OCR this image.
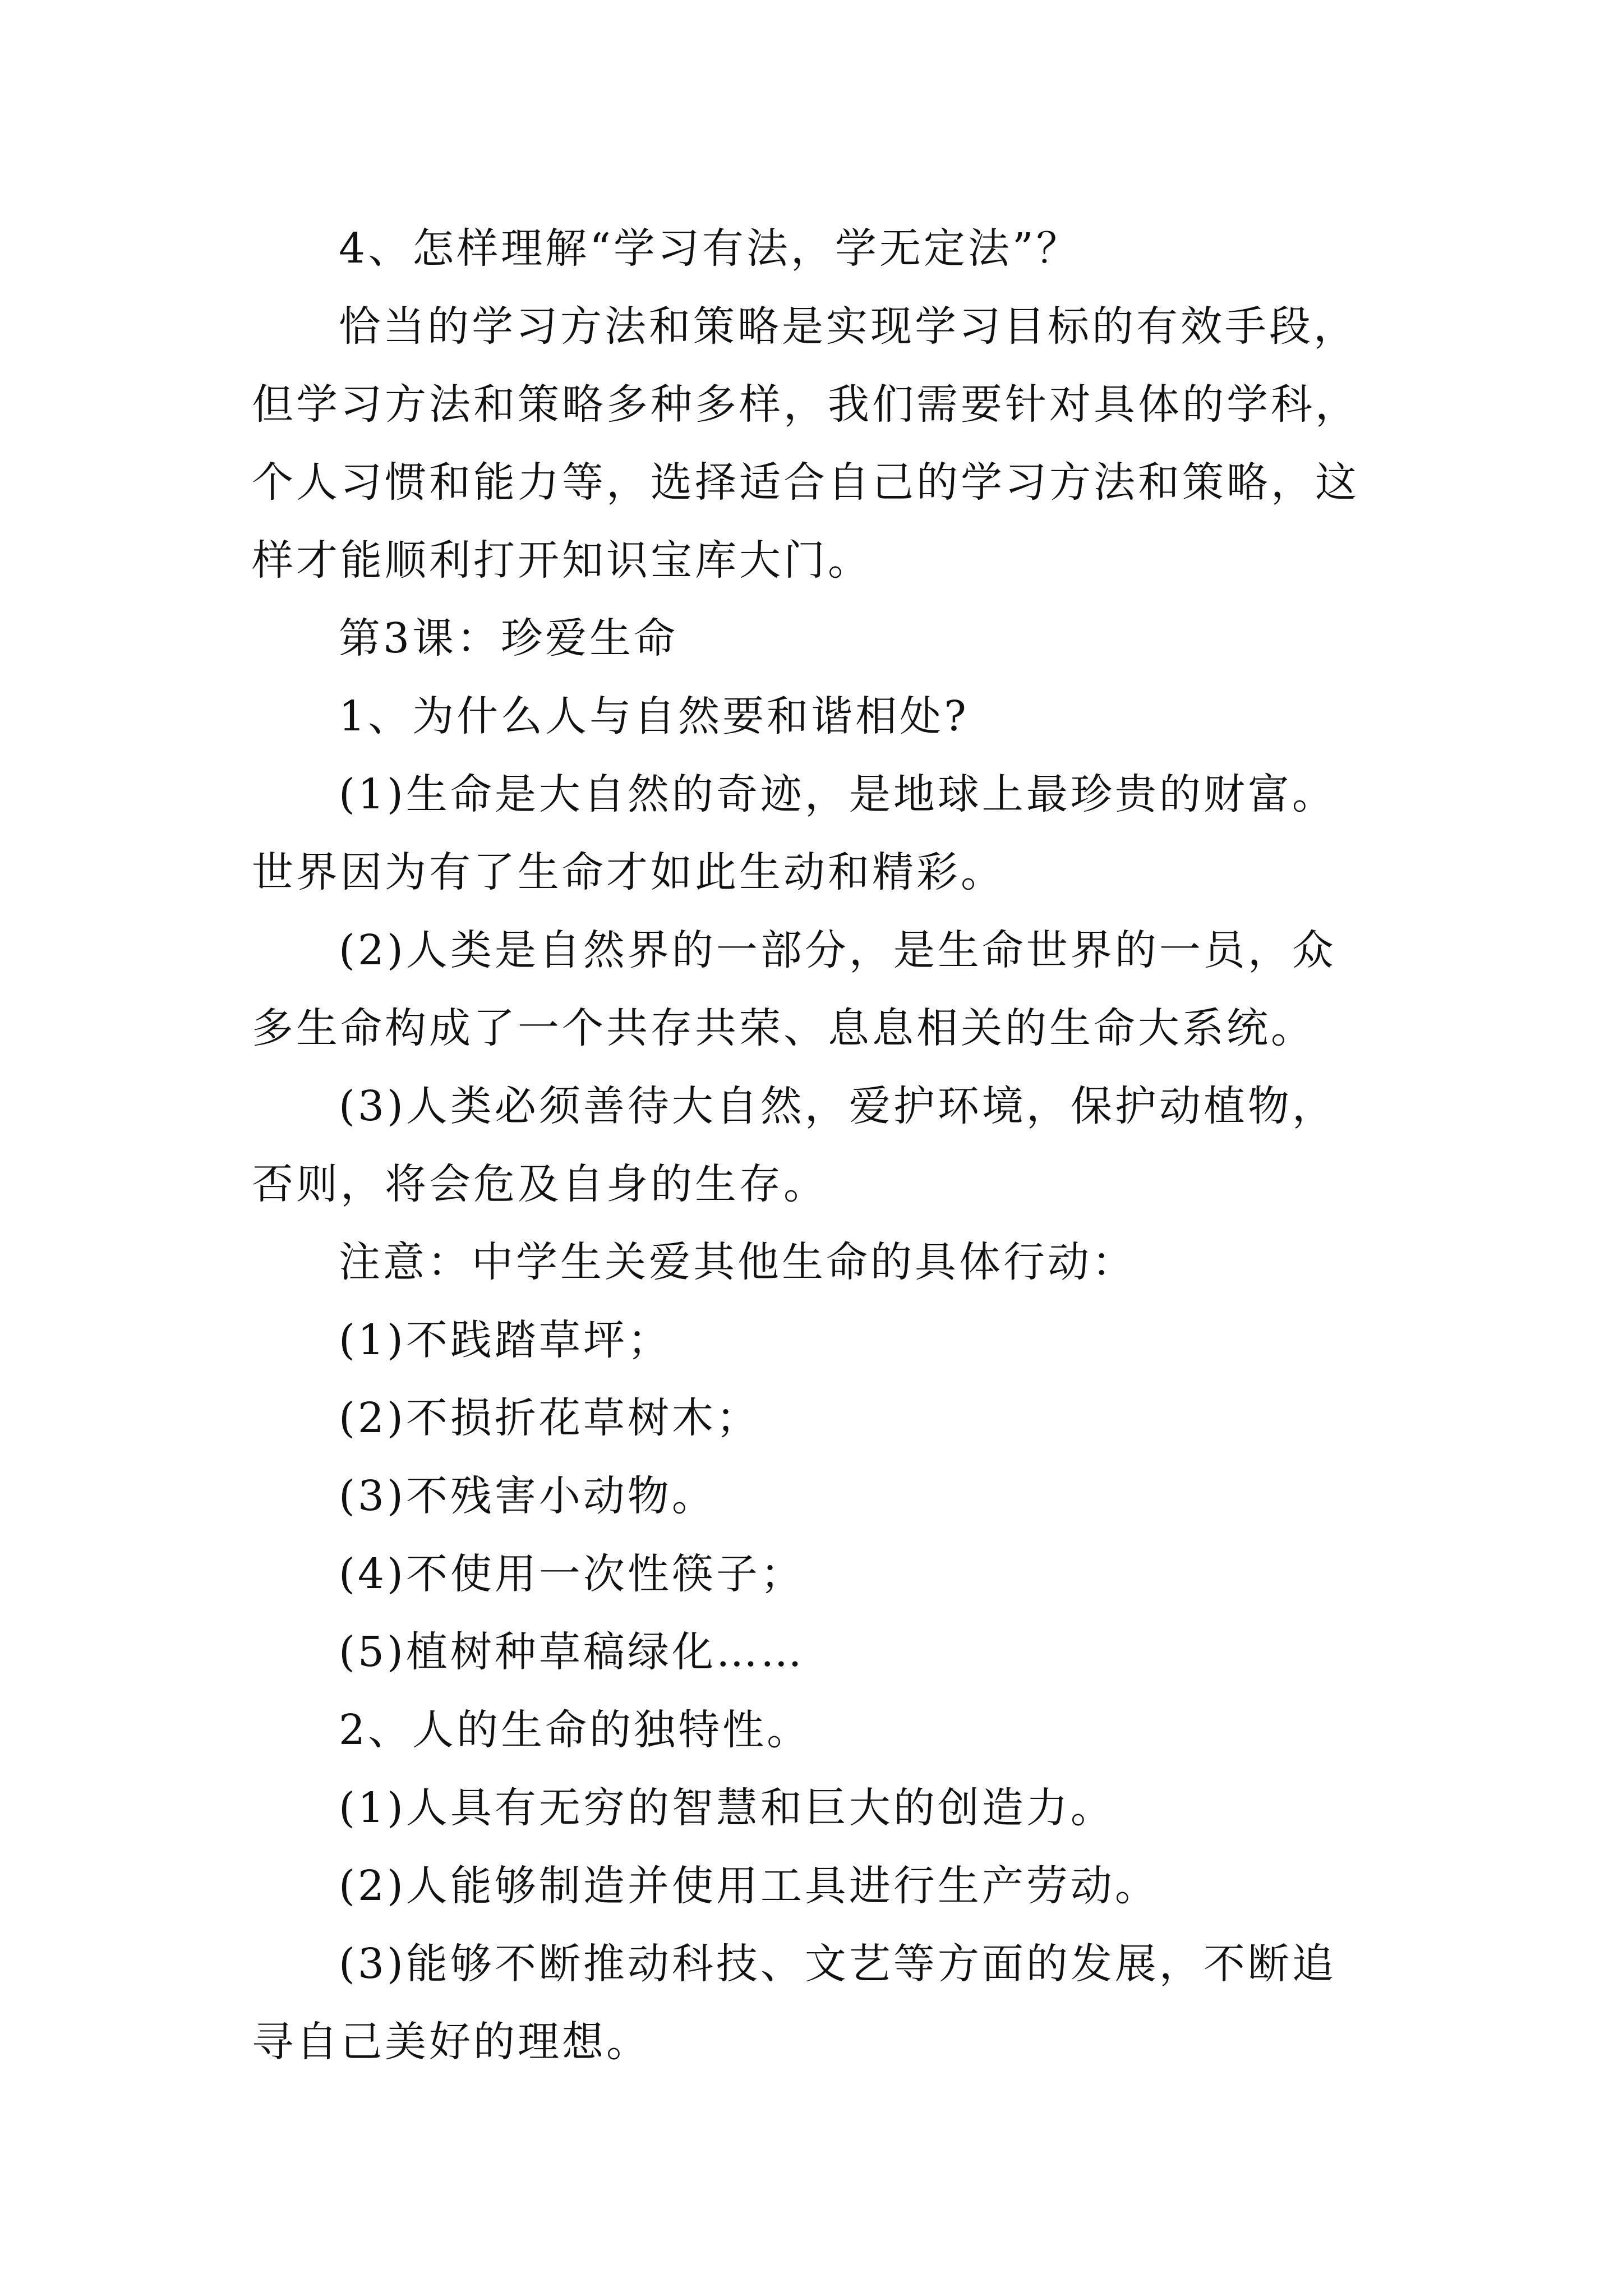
4、怎样理解“学习有法，学无定法”？

恰当的学习方法和策略是实现学习目标的有效手段，但学习方法和策略多种多样，我们需要针对具体的学科，个人习惯和能力等，选择适合自己的学习方法和策略，这样才能顺利打开知识宝库大门。

第3课：珍爱生命

1、为什么人与自然要和谐相处?

(1)生命是大自然的奇迹，是地球上最珍贵的财富。世界因为有了生命才如此生动和精彩。

(2)人类是自然界的一部分，是生命世界的一员，众多生命构成了一个共存共荣、息息相关的生命大系统。

(3)人类必须善待大自然，爱护环境，保护动植物，否则，将会危及自身的生存。

注意：中学生关爱其他生命的具体行动：

(1)不践踏草坪；

(2)不损折花草树木；

(3)不残害小动物。

(4)不使用一次性筷子；

(5)植树种草稿绿化……

2、人的生命的独特性。

(1)人具有无穷的智慧和巨大的创造力。

(2)人能够制造并使用工具进行生产劳动。

(3)能够不断推动科技、文艺等方面的发展，不断追寻自己美好的理想。
